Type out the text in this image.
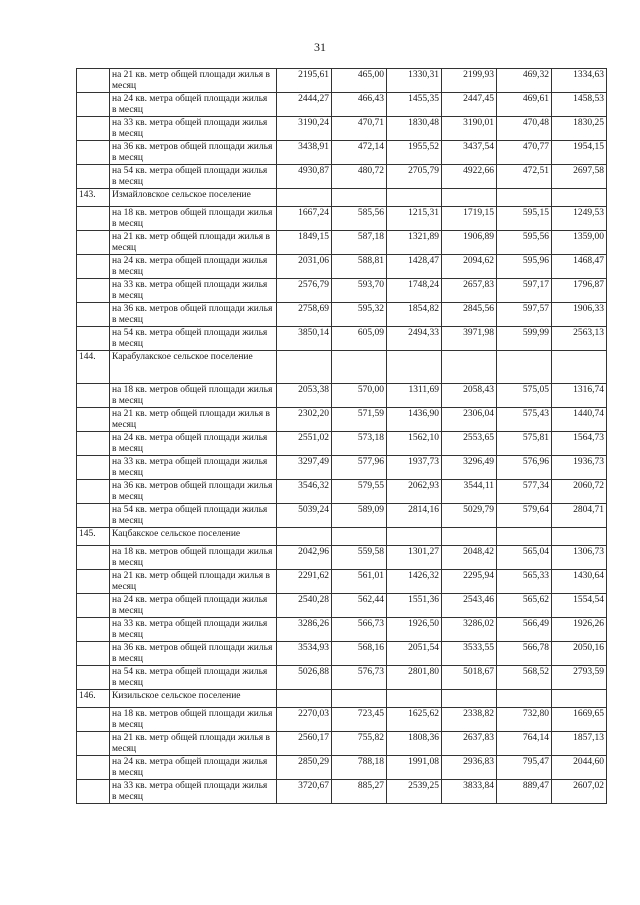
31
	на 21 кв. метр общей площади жилья в месяц	2195,61	465,00	1330,31	2199,93	469,32	1334,63
	на 24 кв. метра общей площади жилья в месяц	2444,27	466,43	1455,35	2447,45	469,61	1458,53
	на 33 кв. метра общей площади жилья в месяц	3190,24	470,71	1830,48	3190,01	470,48	1830,25
	на 36 кв. метров общей площади жилья в месяц	3438,91	472,14	1955,52	3437,54	470,77	1954,15
	на 54 кв. метра общей площади жилья в месяц	4930,87	480,72	2705,79	4922,66	472,51	2697,58
143.	Измайловское сельское поселение						
	на 18 кв. метров общей площади жилья в месяц	1667,24	585,56	1215,31	1719,15	595,15	1249,53
	на 21 кв. метр общей площади жилья в месяц	1849,15	587,18	1321,89	1906,89	595,56	1359,00
	на 24 кв. метра общей площади жилья в месяц	2031,06	588,81	1428,47	2094,62	595,96	1468,47
	на 33 кв. метра общей площади жилья в месяц	2576,79	593,70	1748,24	2657,83	597,17	1796,87
	на 36 кв. метров общей площади жилья в месяц	2758,69	595,32	1854,82	2845,56	597,57	1906,33
	на 54 кв. метра общей площади жилья в месяц	3850,14	605,09	2494,33	3971,98	599,99	2563,13
144.	Карабулакское сельское поселение						
	на 18 кв. метров общей площади жилья в месяц	2053,38	570,00	1311,69	2058,43	575,05	1316,74
	на 21 кв. метр общей площади жилья в месяц	2302,20	571,59	1436,90	2306,04	575,43	1440,74
	на 24 кв. метра общей площади жилья в месяц	2551,02	573,18	1562,10	2553,65	575,81	1564,73
	на 33 кв. метра общей площади жилья в месяц	3297,49	577,96	1937,73	3296,49	576,96	1936,73
	на 36 кв. метров общей площади жилья в месяц	3546,32	579,55	2062,93	3544,11	577,34	2060,72
	на 54 кв. метра общей площади жилья в месяц	5039,24	589,09	2814,16	5029,79	579,64	2804,71
145.	Кацбакское сельское поселение						
	на 18 кв. метров общей площади жилья в месяц	2042,96	559,58	1301,27	2048,42	565,04	1306,73
	на 21 кв. метр общей площади жилья в месяц	2291,62	561,01	1426,32	2295,94	565,33	1430,64
	на 24 кв. метра общей площади жилья в месяц	2540,28	562,44	1551,36	2543,46	565,62	1554,54
	на 33 кв. метра общей площади жилья в месяц	3286,26	566,73	1926,50	3286,02	566,49	1926,26
	на 36 кв. метров общей площади жилья в месяц	3534,93	568,16	2051,54	3533,55	566,78	2050,16
	на 54 кв. метра общей площади жилья в месяц	5026,88	576,73	2801,80	5018,67	568,52	2793,59
146.	Кизильское сельское поселение						
	на 18 кв. метров общей площади жилья в месяц	2270,03	723,45	1625,62	2338,82	732,80	1669,65
	на 21 кв. метр общей площади жилья в месяц	2560,17	755,82	1808,36	2637,83	764,14	1857,13
	на 24 кв. метра общей площади жилья в месяц	2850,29	788,18	1991,08	2936,83	795,47	2044,60
	на 33 кв. метра общей площади жилья в месяц	3720,67	885,27	2539,25	3833,84	889,47	2607,02
